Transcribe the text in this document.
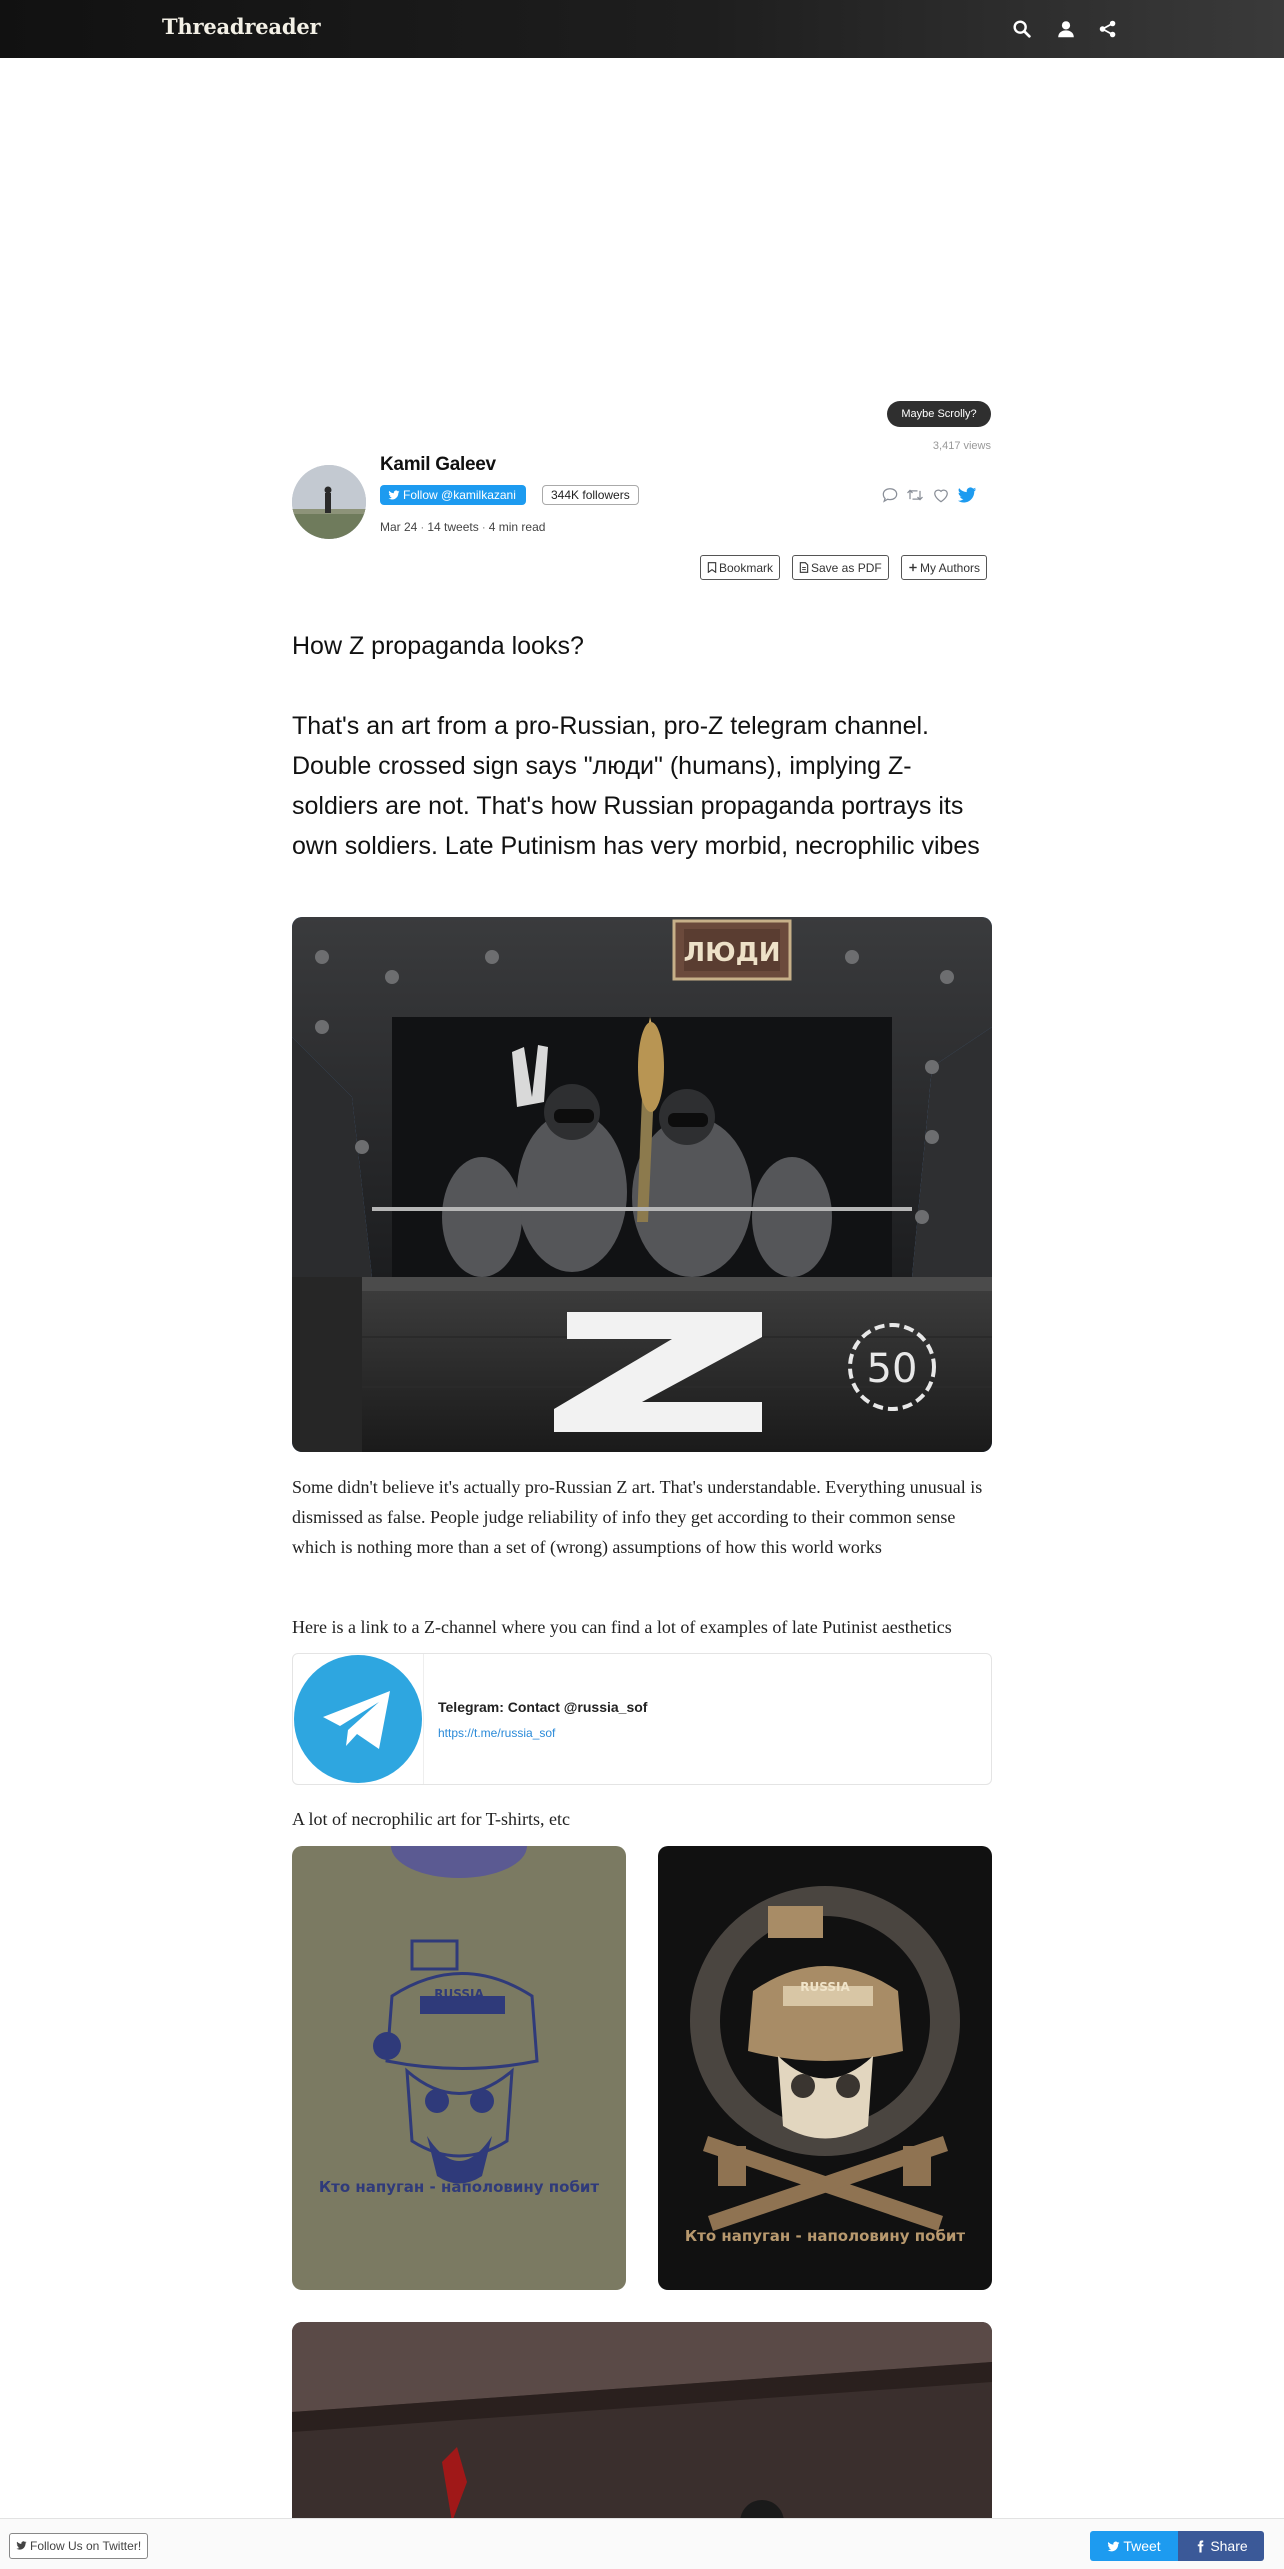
Threadreader
Maybe Scrolly?
3,417 views
Kamil Galeev
Follow @kamilkazani	344K followers
Mar 24 · 14 tweets · 4 min read
Bookmark	Save as PDF	My Authors
How Z propaganda looks?
That's an art from a pro-Russian, pro-Z telegram channel. Double crossed sign says "люди" (humans), implying Z-soldiers are not. That's how Russian propaganda portrays its own soldiers. Late Putinism has very morbid, necrophilic vibes
ЛЮДИ
50
Some didn't believe it's actually pro-Russian Z art. That's understandable. Everything unusual is dismissed as false. People judge reliability of info they get according to their common sense which is nothing more than a set of (wrong) assumptions of how this world works
Here is a link to a Z-channel where you can find a lot of examples of late Putinist aesthetics
Telegram: Contact @russia_sof
https://t.me/russia_sof
A lot of necrophilic art for T-shirts, etc
RUSSIA
Кто напуган - наполовину побит
RUSSIA
Кто напуган - наполовину побит
Follow Us on Twitter!	Tweet	Share
